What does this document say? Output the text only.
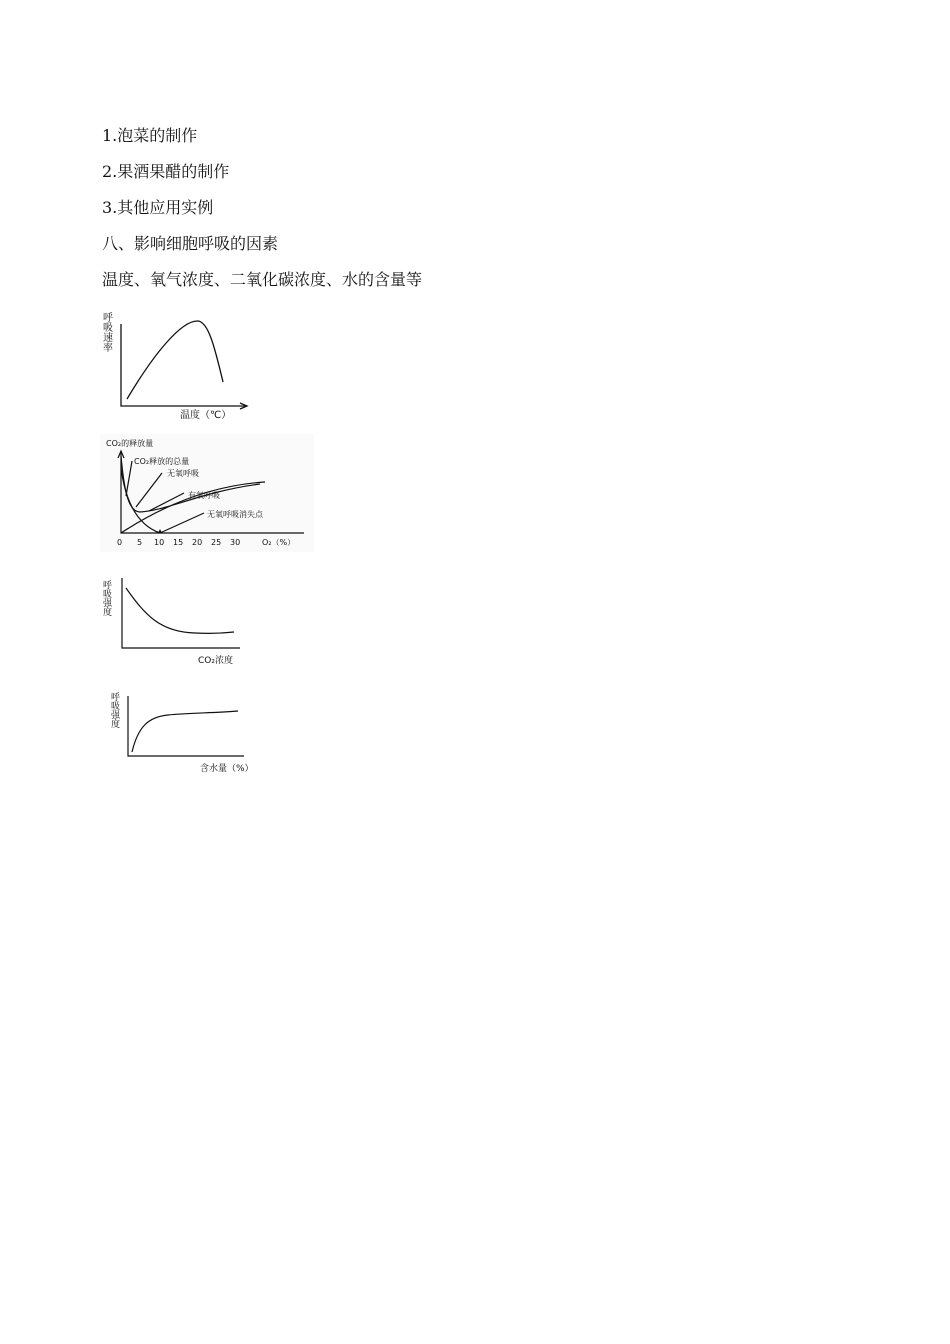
1.泡菜的制作
2.果酒果醋的制作
3.其他应用实例
八、影响细胞呼吸的因素
温度、氧气浓度、二氧化碳浓度、水的含量等
呼吸速率
温度（℃）
CO₂的释放量
CO₂释放的总量
无氧呼吸
有氧呼吸
无氧呼吸消失点
0 5 10 15 20 25 30	O₂（%）
呼吸强度
CO₂浓度
呼吸强度
含水量（%）
